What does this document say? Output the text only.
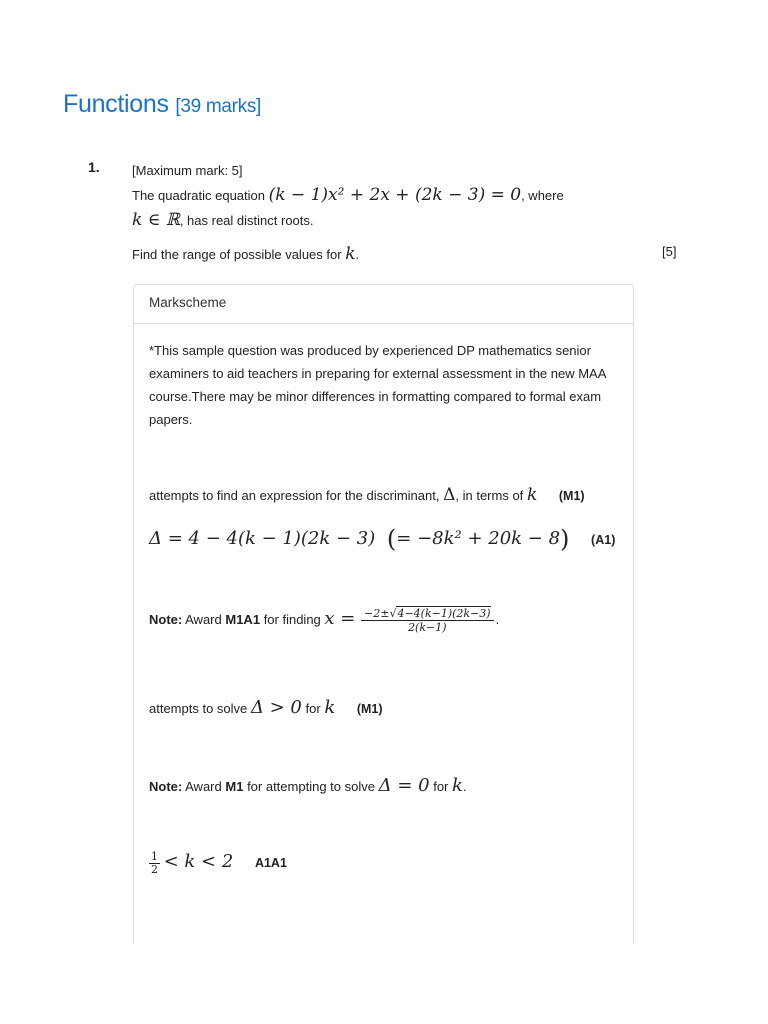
Functions [39 marks]
1. [Maximum mark: 5]
The quadratic equation (k − 1)x² + 2x + (2k − 3) = 0, where
k ∈ ℝ, has real distinct roots.
Find the range of possible values for k.	[5]
Markscheme
*This sample question was produced by experienced DP mathematics senior examiners to aid teachers in preparing for external assessment in the new MAA course.There may be minor differences in formatting compared to formal exam papers.
attempts to find an expression for the discriminant, Δ, in terms of k (M1)
Δ = 4 − 4(k − 1)(2k − 3) (= −8k² + 20k − 8) (A1)
Note: Award M1A1 for finding $x = \frac{-2\pm√4-4(k-1)(2k-3)}{2(k-1)}$ .
attempts to solve Δ > 0 for k (M1)
Note: Award M1 for attempting to solve Δ = 0 for k.
$\frac{1}{2} < k < 2$ A1A1
